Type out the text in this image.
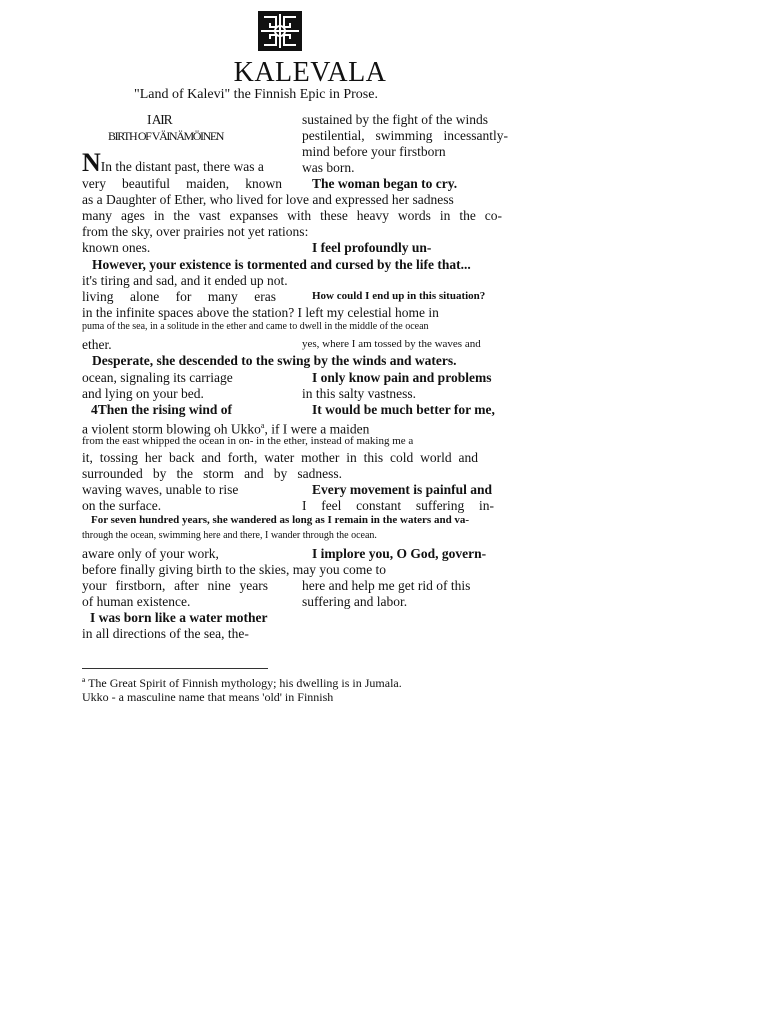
KALEVALA
"Land of Kalevi" the Finnish Epic in Prose.
I AIR
BIRTH OF VÄINÄMÖINEN
sustained by the fight of the winds
pestilential, swimming incessantly-
mind before your firstborn
was born.
NIn the distant past, there was a
very beautiful maiden, known The woman began to cry.
as a Daughter of Ether, who lived for love and expressed her sadness
many ages in the vast expanses with these heavy words in the co-
from the sky, over prairies not yet rations:
known ones.	I feel profoundly un-
However, your existence is tormented and cursed by the life that...
it's tiring and sad, and it ended up not.
living alone for many eras	How could I end up in this situation?
in the infinite spaces above the station? I left my celestial home in
puma of the sea, in a solitude in the ether and came to dwell in the middle of the ocean
ether.	yes, where I am tossed by the waves and
Desperate, she descended to the swing by the winds and waters.
ocean, signaling its carriage	I only know pain and problems
and lying on your bed.	in this salty vastness.
4Then the rising wind of	It would be much better for me,
a violent storm blowing oh Ukko$^a$, if I were a maiden
from the east whipped the ocean in on- in the ether, instead of making me a
it, tossing her back and forth, water mother in this cold world and
surrounded by the storm and by sadness.
waving waves, unable to rise	Every movement is painful and
on the surface.	I feel constant suffering in-
For seven hundred years, she wandered as long as I remain in the waters and va-
through the ocean, swimming here and there, I wander through the ocean.
aware only of your work,	I implore you, O God, govern-
before finally giving birth to the skies, may you come to
your firstborn, after nine years	here and help me get rid of this
of human existence.	suffering and labor.
I was born like a water mother
in all directions of the sea, the-
ª The Great Spirit of Finnish mythology; his dwelling is in Jumala.
Ukko - a masculine name that means 'old' in Finnish
